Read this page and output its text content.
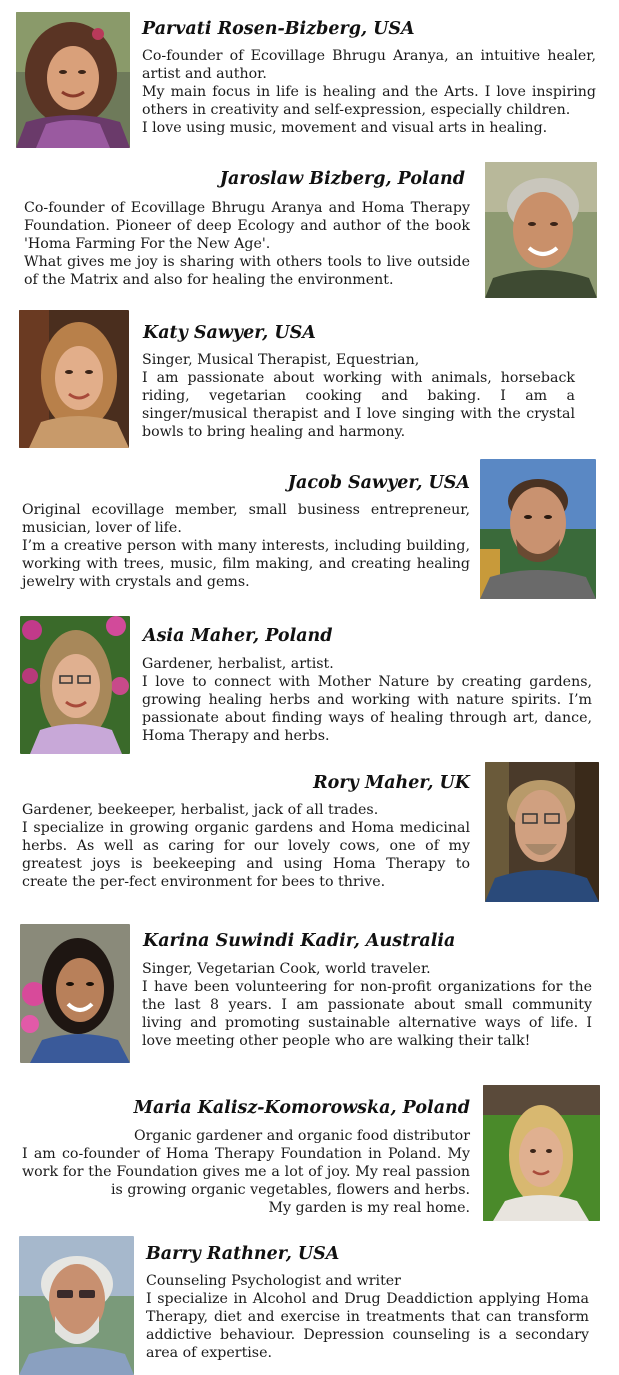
Parvati Rosen-Bizberg, USA

Co-founder of Ecovillage Bhrugu Aranya, an intuitive healer, artist and author.

My main focus in life is healing and the Arts. I love inspiring others in creativity and self-expression, especially children.

I love using music, movement and visual arts in healing.

Jaroslaw Bizberg, Poland

Co-founder of Ecovillage Bhrugu Aranya and Homa Therapy Foundation. Pioneer of deep Ecology and author of the book 'Homa Farming For the New Age'.

What gives me joy is sharing with others tools to live outside of the Matrix and also for healing the environment.

Katy Sawyer, USA

Singer, Musical Therapist, Equestrian,

I am passionate about working with animals, horseback riding, vegetarian cooking and baking. I am a singer/musical therapist and I love singing with the crystal bowls to bring healing and harmony.

Jacob Sawyer, USA

Original ecovillage member, small business entrepreneur, musician, lover of life.

I’m a creative person with many interests, including building, working with trees, music, film making, and creating healing jewelry with crystals and gems.

Asia Maher, Poland

Gardener, herbalist, artist.

I love to connect with Mother Nature by creating gardens, growing healing herbs and working with nature spirits. I’m passionate about finding ways of healing through art, dance, Homa Therapy and herbs.

Rory Maher, UK

Gardener, beekeeper, herbalist, jack of all trades.

I specialize in growing organic gardens and Homa medicinal herbs. As well as caring for our lovely cows, one of my greatest joys is beekeeping and using Homa Therapy to create the per-fect environment for bees to thrive.

Karina Suwindi Kadir, Australia

Singer, Vegetarian Cook, world traveler.

I have been volunteering for non-profit organizations for the the last 8 years. I am passionate about small community living and promoting sustainable alternative ways of life. I love meeting other people who are walking their talk!

Maria Kalisz-Komorowska, Poland

Organic gardener and organic food distributor

I am co-founder of Homa Therapy Foundation in Poland. My work for the Foundation gives me a lot of joy. My real passion is growing organic vegetables, flowers and herbs.

My garden is my real home.

Barry Rathner, USA

Counseling Psychologist and writer

I specialize in Alcohol and Drug Deaddiction applying Homa Therapy, diet and exercise in treatments that can transform addictive behaviour. Depression counseling is a secondary area of expertise.
